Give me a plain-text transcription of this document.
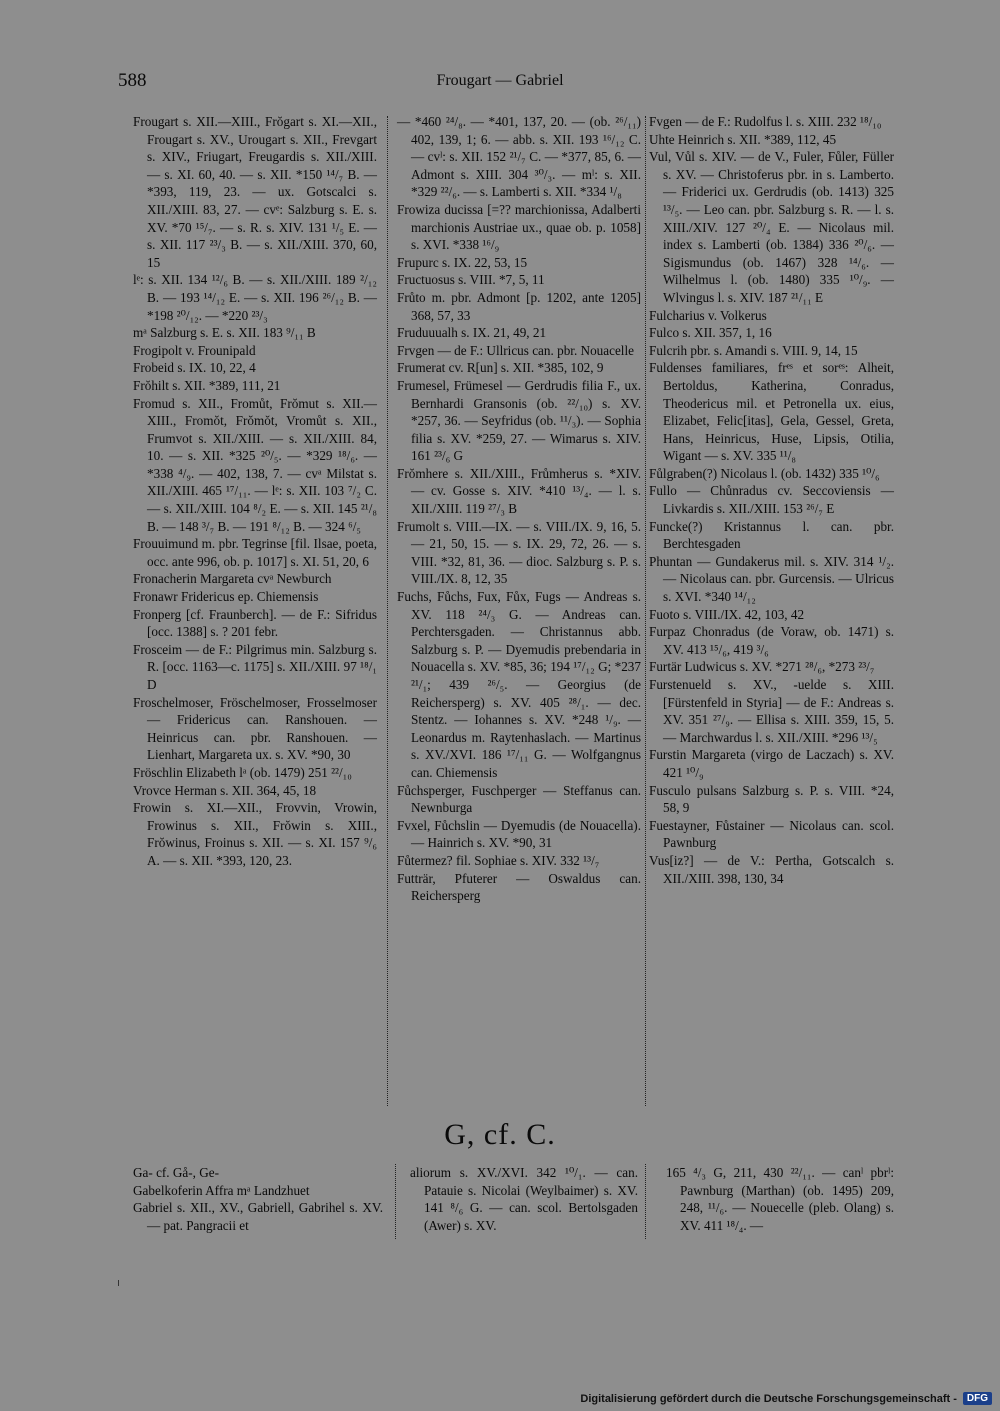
588	Frougart — Gabriel

Frougart s. XII.—XIII., Frŏgart s. XI.—XII., Frougart s. XV., Urougart s. XII., Frevgart s. XIV., Friugart, Freugardis s. XII./XIII. — s. XI. 60, 40. — s. XII. *150 ¹⁴/₇ B. — *393, 119, 23. — ux. Gotscalci s. XII./XIII. 83, 27. — cvᵉ: Salzburg s. E. s. XV. *70 ¹⁵/₇. — s. R. s. XIV. 131 ¹/₅ E. — s. XII. 117 ²³/₃ B. — s. XII./XIII. 370, 60, 15

lᵉ: s. XII. 134 ¹²/₆ B. — s. XII./XIII. 189 ²/₁₂ B. — 193 ¹⁴/₁₂ E. — s. XII. 196 ²⁶/₁₂ B. — *198 ²⁰/₁₂. — *220 ²³/₃

mᵃ Salzburg s. E. s. XII. 183 ⁹/₁₁ B

Frogipolt v. Frounipald

Frobeid s. IX. 10, 22, 4

Frŏhilt s. XII. *389, 111, 21

Fromud s. XII., Fromůt, Frŏmut s. XII.—XIII., Fromŏt, Frŏmŏt, Vromůt s. XII., Frumvot s. XII./XIII. — s. XII./XIII. 84, 10. — s. XII. *325 ²⁰/₅. — *329 ¹⁸/₆. — *338 ⁴/₉. — 402, 138, 7. — cvᵃ Milstat s. XII./XIII. 465 ¹⁷/₁₁. — lᵉ: s. XII. 103 ⁷/₂ C. — s. XII./XIII. 104 ⁸/₂ E. — s. XII. 145 ²¹/₈ B. — 148 ³/₇ B. — 191 ⁸/₁₂ B. — 324 ⁶/₅

Frouuimund m. pbr. Tegrinse [fil. Ilsae, poeta, occ. ante 996, ob. p. 1017] s. XI. 51, 20, 6

Fronacherin Margareta cvᵃ Newburch

Fronawr Fridericus ep. Chiemensis

Fronperg [cf. Fraunberch]. — de F.: Sifridus [occ. 1388] s. ? 201 febr.

Frosceim — de F.: Pilgrimus min. Salzburg s. R. [occ. 1163—c. 1175] s. XII./XIII. 97 ¹⁸/₁ D

Froschelmoser, Fröschelmoser, Frosselmoser — Fridericus can. Ranshouen. — Heinricus can. pbr. Ranshouen. — Lienhart, Margareta ux. s. XV. *90, 30

Fröschlin Elizabeth lᵃ (ob. 1479) 251 ²²/₁₀

Vrovce Herman s. XII. 364, 45, 18

Frowin s. XI.—XII., Frovvin, Vrowin, Frowinus s. XII., Frŏwin s. XIII., Frŏwinus, Froinus s. XII. — s. XI. 157 ⁹/₆ A. — s. XII. *393, 120, 23.

— *460 ²⁴/₈. — *401, 137, 20. — (ob. ²⁶/₁₁) 402, 139, 1; 6. — abb. s. XII. 193 ¹⁶/₁₂ C. — cvˡ: s. XII. 152 ²¹/₇ C. — *377, 85, 6. — Admont s. XIII. 304 ³⁰/₃. — mˡ: s. XII. *329 ²²/₆. — s. Lamberti s. XII. *334 ¹/₈

Frowiza ducissa [=?? marchionissa, Adalberti marchionis Austriae ux., quae ob. p. 1058] s. XVI. *338 ¹⁶/₉

Frupurc s. IX. 22, 53, 15

Fructuosus s. VIII. *7, 5, 11

Frůto m. pbr. Admont [p. 1202, ante 1205] 368, 57, 33

Fruduuualh s. IX. 21, 49, 21

Frvgen — de F.: Ullricus can. pbr. Nouacelle

Frumerat cv. R[un] s. XII. *385, 102, 9

Frumesel, Frümesel — Gerdrudis filia F., ux. Bernhardi Gransonis (ob. ²²/₁₀) s. XV. *257, 36. — Seyfridus (ob. ¹¹/₃). — Sophia filia s. XV. *259, 27. — Wimarus s. XIV. 161 ²³/₆ G

Frŏmhere s. XII./XIII., Frůmherus s. *XIV. — cv. Gosse s. XIV. *410 ¹³/₄. — l. s. XII./XIII. 119 ²⁷/₃ B

Frumolt s. VIII.—IX. — s. VIII./IX. 9, 16, 5. — 21, 50, 15. — s. IX. 29, 72, 26. — s. VIII. *32, 81, 36. — dioc. Salzburg s. P. s. VIII./IX. 8, 12, 35

Fuchs, Fůchs, Fux, Fůx, Fugs — Andreas s. XV. 118 ²⁴/₃ G. — Andreas can. Perchtersgaden. — Christannus abb. Salzburg s. P. — Dyemudis prebendaria in Nouacella s. XV. *85, 36; 194 ¹⁷/₁₂ G; *237 ²¹/₁; 439 ²⁶/₅. — Georgius (de Reichersperg) s. XV. 405 ²⁸/₁. — dec. Stentz. — Iohannes s. XV. *248 ¹/₉. — Leonardus m. Raytenhaslach. — Martinus s. XV./XVI. 186 ¹⁷/₁₁ G. — Wolfgangnus can. Chiemensis

Fůchsperger, Fuschperger — Steffanus can. Newnburga

Fvxel, Fůchslin — Dyemudis (de Nouacella). — Hainrich s. XV. *90, 31

Fůtermez? fil. Sophiae s. XIV. 332 ¹³/₇

Futträr, Pfuterer — Oswaldus can. Reichersperg

Fvgen — de F.: Rudolfus l. s. XIII. 232 ¹⁸/₁₀

Uhte Heinrich s. XII. *389, 112, 45

Vul, Vůl s. XIV. — de V., Fuler, Fůler, Füller s. XV. — Christoferus pbr. in s. Lamberto. — Friderici ux. Gerdrudis (ob. 1413) 325 ¹³/₅. — Leo can. pbr. Salzburg s. R. — l. s. XIII./XIV. 127 ²⁰/₄ E. — Nicolaus mil. index s. Lamberti (ob. 1384) 336 ²⁰/₆. — Sigismundus (ob. 1467) 328 ¹⁴/₆. — Wilhelmus l. (ob. 1480) 335 ¹⁰/₉. — Wlvingus l. s. XIV. 187 ²¹/₁₁ E

Fulcharius v. Volkerus

Fulco s. XII. 357, 1, 16

Fulcrih pbr. s. Amandi s. VIII. 9, 14, 15

Fuldenses familiares, frᵉˢ et sorᵉˢ: Alheit, Bertoldus, Katherina, Conradus, Theodericus mil. et Petronella ux. eius, Elizabet, Felic[itas], Gela, Gessel, Greta, Hans, Heinricus, Huse, Lipsis, Otilia, Wigant — s. XV. 335 ¹¹/₈

Fůlgraben(?) Nicolaus l. (ob. 1432) 335 ¹⁰/₆

Fullo — Chůnradus cv. Seccoviensis — Livkardis s. XII./XIII. 153 ²⁶/₇ E

Funcke(?) Kristannus l. can. pbr. Berchtesgaden

Phuntan — Gundakerus mil. s. XIV. 314 ¹/₂. — Nicolaus can. pbr. Gurcensis. — Ulricus s. XVI. *340 ¹⁴/₁₂

Fuoto s. VIII./IX. 42, 103, 42

Furpaz Chonradus (de Voraw, ob. 1471) s. XV. 413 ¹⁵/₆, 419 ³/₆

Furtär Ludwicus s. XV. *271 ²⁸/₆, *273 ²³/₇

Furstenueld s. XV., -uelde s. XIII. [Fürstenfeld in Styria] — de F.: Andreas s. XV. 351 ²⁷/₉. — Ellisa s. XIII. 359, 15, 5. — Marchwardus l. s. XII./XIII. *296 ¹³/₅

Furstin Margareta (virgo de Laczach) s. XV. 421 ¹⁰/₉

Fusculo pulsans Salzburg s. P. s. VIII. *24, 58, 9

Fuestayner, Fůstainer — Nicolaus can. scol. Pawnburg

Vus[iz?] — de V.: Pertha, Gotscalch s. XII./XIII. 398, 130, 34

G, cf. C.

Ga- cf. Gå-, Ge-

Gabelkoferin Affra mᵃ Landzhuet

Gabriel s. XII., XV., Gabriell, Gabrihel s. XV. — pat. Pangracii et

aliorum s. XV./XVI. 342 ¹⁰/₁. — can. Patauie s. Nicolai (Weylbaimer) s. XV. 141 ⁸/₆ G. — can. scol. Bertolsgaden (Awer) s. XV.

165 ⁴/₃ G, 211, 430 ²²/₁₁. — canˡ pbrˡ: Pawnburg (Marthan) (ob. 1495) 209, 248, ¹¹/₆. — Nouecelle (pleb. Olang) s. XV. 411 ¹⁸/₄. —

Digitalisierung gefördert durch die Deutsche Forschungsgemeinschaft -	DFG
